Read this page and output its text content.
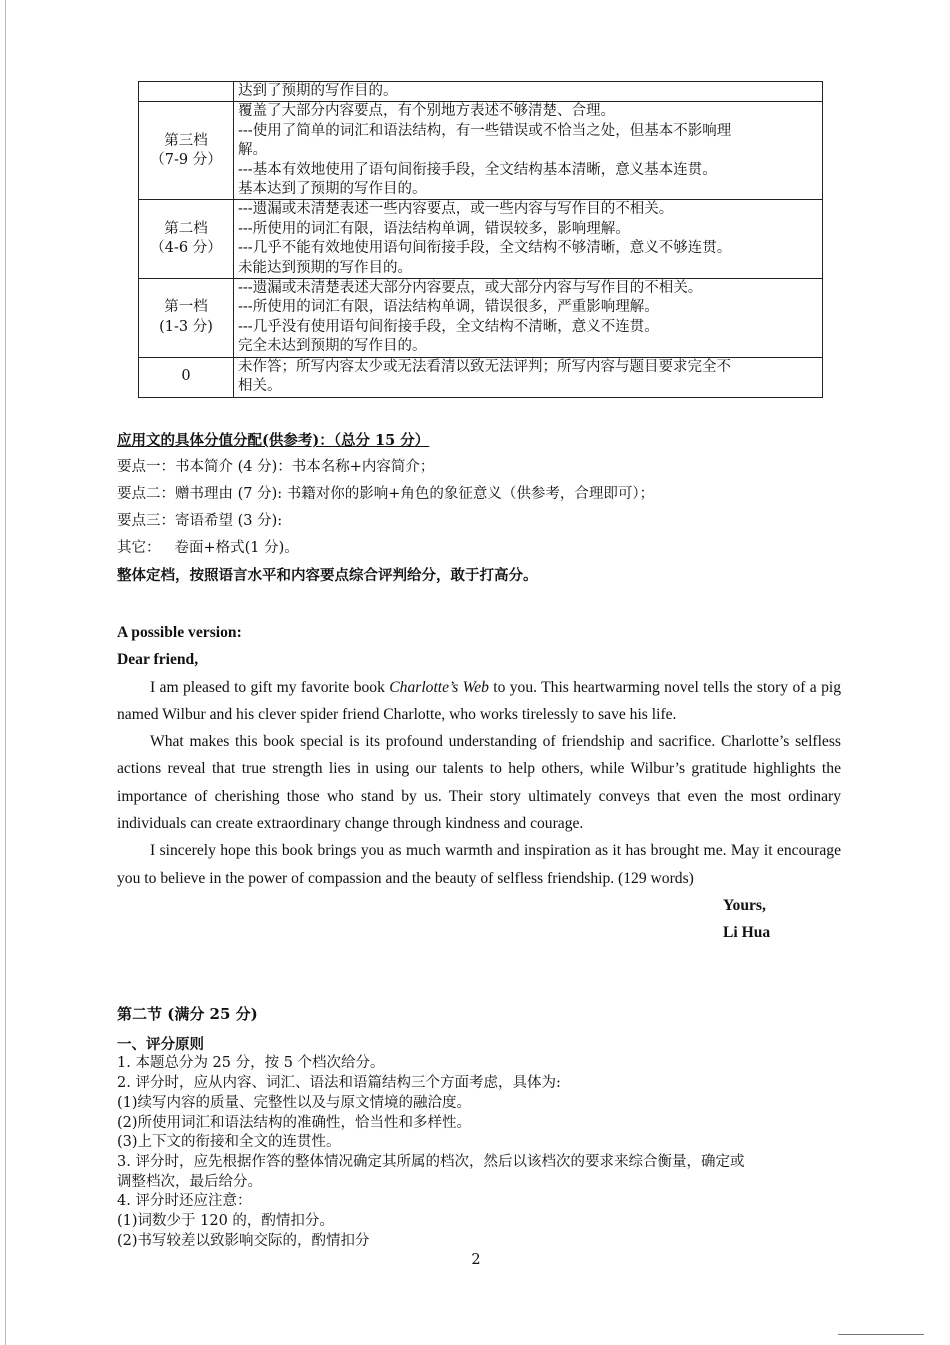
	达到了预期的写作目的。

第三档
（7-9 分）	覆盖了大部分内容要点，有个别地方表述不够清楚、合理。
---使用了简单的词汇和语法结构，有一些错误或不恰当之处，但基本不影响理
解。
---基本有效地使用了语句间衔接手段，全文结构基本清晰，意义基本连贯。
基本达到了预期的写作目的。

第二档
（4-6 分）	---遗漏或未清楚表述一些内容要点，或一些内容与写作目的不相关。
---所使用的词汇有限，语法结构单调，错误较多，影响理解。
---几乎不能有效地使用语句间衔接手段，全文结构不够清晰，意义不够连贯。
未能达到预期的写作目的。

第一档
(1-3 分)	---遗漏或未清楚表述大部分内容要点，或大部分内容与写作目的不相关。
---所使用的词汇有限，语法结构单调，错误很多，严重影响理解。
---几乎没有使用语句间衔接手段，全文结构不清晰，意义不连贯。
完全未达到预期的写作目的。

0	未作答；所写内容太少或无法看清以致无法评判；所写内容与题目要求完全不
相关。
应用文的具体分值分配(供参考)：（总分 15 分）
要点一：书本简介 (4 分)：书本名称+内容简介；
要点二：赠书理由 (7 分): 书籍对你的影响+角色的象征意义（供参考，合理即可）；
要点三：寄语希望 (3 分):
其它： 卷面+格式(1 分)。
整体定档，按照语言水平和内容要点综合评判给分，敢于打高分。

A possible version:

Dear friend,

I am pleased to gift my favorite book Charlotte’s Web to you. This heartwarming novel tells the story of a pig named Wilbur and his clever spider friend Charlotte, who works tirelessly to save his life.

What makes this book special is its profound understanding of friendship and sacrifice. Charlotte’s selfless actions reveal that true strength lies in using our talents to help others, while Wilbur’s gratitude highlights the importance of cherishing those who stand by us. Their story ultimately conveys that even the most ordinary individuals can create extraordinary change through kindness and courage.

I sincerely hope this book brings you as much warmth and inspiration as it has brought me. May it encourage you to believe in the power of compassion and the beauty of selfless friendship. (129 words)

Yours,

Li Hua

第二节 (满分 25 分)
一、评分原则
1. 本题总分为 25 分，按 5 个档次给分。
2. 评分时，应从内容、词汇、语法和语篇结构三个方面考虑，具体为:
(1)续写内容的质量、完整性以及与原文情境的融洽度。
(2)所使用词汇和语法结构的准确性，恰当性和多样性。
(3)上下文的衔接和全文的连贯性。
3. 评分时，应先根据作答的整体情况确定其所属的档次，然后以该档次的要求来综合衡量，确定或
调整档次，最后给分。
4. 评分时还应注意：
(1)词数少于 120 的，酌情扣分。
(2)书写较差以致影响交际的，酌情扣分
2
